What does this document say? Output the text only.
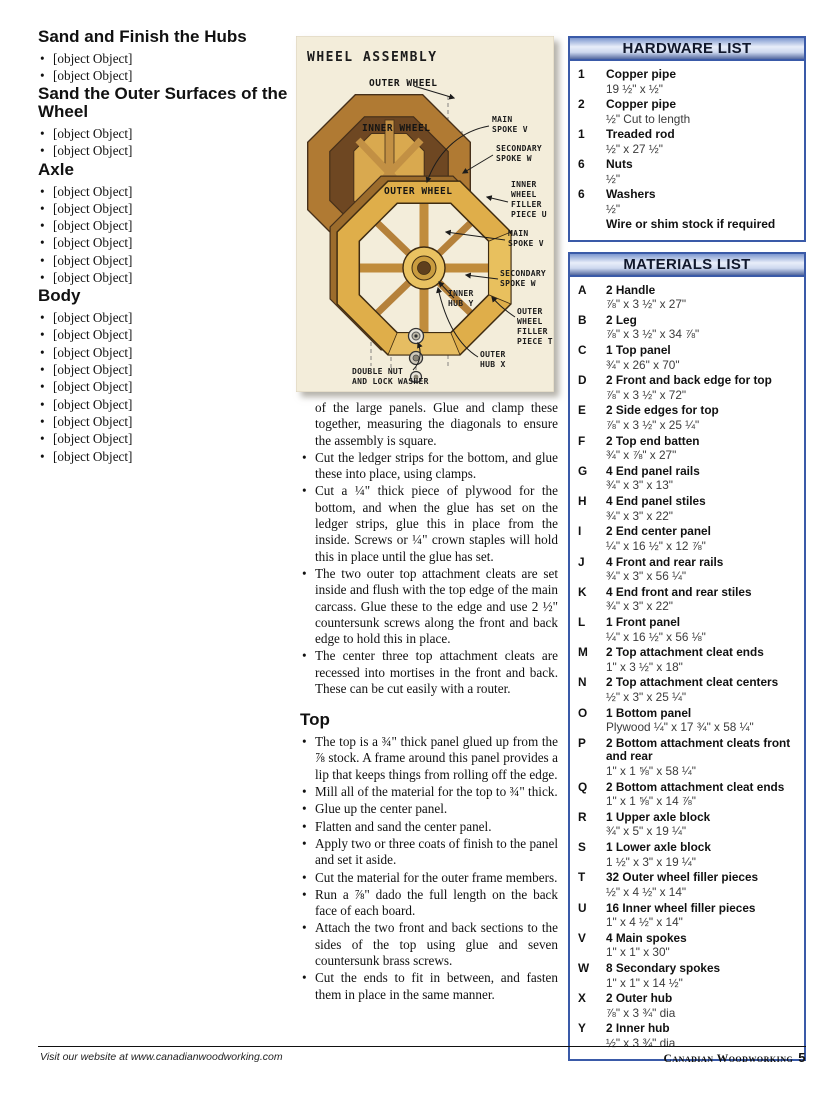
Sand and Finish the Hubs
• [object Object]
• [object Object]
Sand the Outer Surfaces of the Wheel
• [object Object]
• [object Object]
Axle
• [object Object]
• [object Object]
• [object Object]
• [object Object]
• [object Object]
• [object Object]
Body
• [object Object]
• [object Object]
• [object Object]
• [object Object]
• [object Object]
• [object Object]
• [object Object]
• [object Object]
• [object Object]
WHEEL ASSEMBLY
OUTER WHEEL
INNER WHEEL
OUTER WHEEL
MAIN
SPOKE V
SECONDARY
SPOKE W
INNER
WHEEL
FILLER
PIECE U
MAIN
SPOKE V
SECONDARY
SPOKE W
OUTER
WHEEL
FILLER
PIECE T
INNER
HUB Y
OUTER
HUB X
DOUBLE NUT
AND LOCK WASHER
of the large panels. Glue and clamp these together, measuring the diagonals to ensure the assembly is square.
• Cut the ledger strips for the bottom, and glue these into place, using clamps.
• Cut a ¼" thick piece of plywood for the bottom, and when the glue has set on the ledger strips, glue this in place from the inside. Screws or ¼" crown staples will hold this in place until the glue has set.
• The two outer top attachment cleats are set inside and flush with the top edge of the main carcass. Glue these to the edge and use 2 ½" countersunk screws along the front and back edge to hold this in place.
• The center three top attachment cleats are recessed into mortises in the front and back. These can be cut easily with a router.
Top
• The top is a ¾" thick panel glued up from the ⅞ stock. A frame around this panel provides a lip that keeps things from rolling off the edge.
• Mill all of the material for the top to ¾" thick.
• Glue up the center panel.
• Flatten and sand the center panel.
• Apply two or three coats of finish to the panel and set it aside.
• Cut the material for the outer frame members.
• Run a ⅞" dado the full length on the back face of each board.
• Attach the two front and back sections to the sides of the top using glue and seven countersunk brass screws.
• Cut the ends to fit in between, and fasten them in place in the same manner.
HARDWARE LIST
1	Copper pipe
19 ½" x ½"
2	Copper pipe
½" Cut to length
1	Treaded rod
½" x 27 ½"
6	Nuts
½"
6	Washers
½"
Wire or shim stock if required
MATERIALS LIST
A	2 Handle
⅞" x 3 ½" x 27"
B	2 Leg
⅞" x 3 ½" x 34 ⅞"
C	1 Top panel
¾" x 26" x 70"
D	2 Front and back edge for top
⅞" x 3 ½" x 72"
E	2 Side edges for top
⅞" x 3 ½" x 25 ¼"
F	2 Top end batten
¾" x ⅞" x 27"
G	4 End panel rails
¾" x 3" x 13"
H	4 End panel stiles
¾" x 3" x 22"
I	2 End center panel
¼" x 16 ½" x 12 ⅞"
J	4 Front and rear rails
¾" x 3" x 56 ¼"
K	4 End front and rear stiles
¾" x 3" x 22"
L	1 Front panel
¼" x 16 ½" x 56 ⅛"
M	2 Top attachment cleat ends
1" x 3 ½" x 18"
N	2 Top attachment cleat centers
½" x 3" x 25 ¼"
O	1 Bottom panel
Plywood ¼" x 17 ¾" x 58 ¼"
P	2 Bottom attachment cleats front and rear
1" x 1 ⅝" x 58 ¼"
Q	2 Bottom attachment cleat ends
1" x 1 ⅝" x 14 ⅞"
R	1 Upper axle block
¾" x 5" x 19 ¼"
S	1 Lower axle block
1 ½" x 3" x 19 ¼"
T	32 Outer wheel filler pieces
½" x 4 ½" x 14"
U	16 Inner wheel filler pieces
1" x 4 ½" x 14"
V	4 Main spokes
1" x 1" x 30"
W	8 Secondary spokes
1" x 1" x 14 ½"
X	2 Outer hub
⅞" x 3 ¾" dia
Y	2 Inner hub
½" x 3 ¾" dia
Visit our website at www.canadianwoodworking.com	Canadian Woodworking 5
